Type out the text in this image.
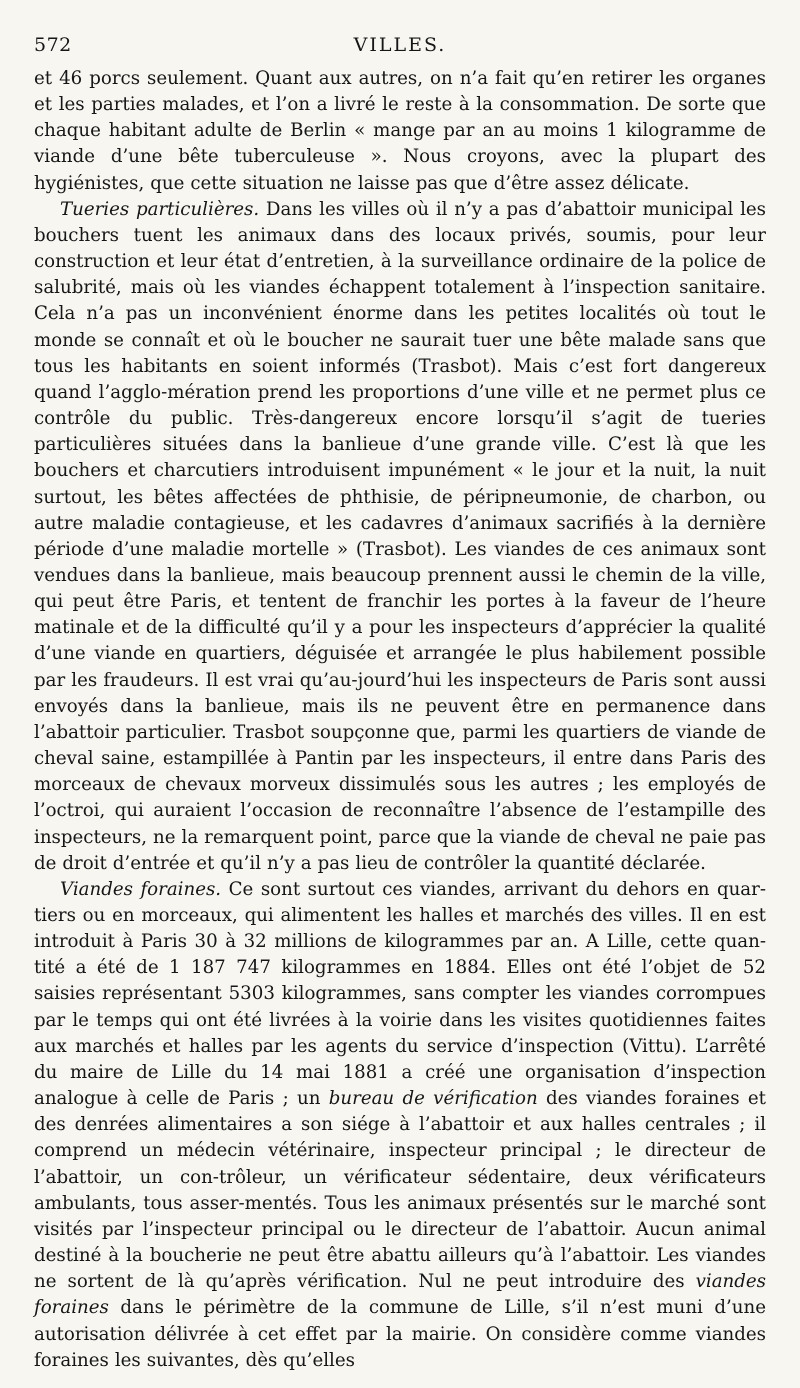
572	VILLES.

et 46 porcs seulement. Quant aux autres, on n’a fait qu’en retirer les organes et les parties malades, et l’on a livré le reste à la consommation. De sorte que chaque habitant adulte de Berlin « mange par an au moins 1 kilogramme de viande d’une bête tuberculeuse ». Nous croyons, avec la plupart des hygiénistes, que cette situation ne laisse pas que d’être assez délicate.

Tueries particulières. Dans les villes où il n’y a pas d’abattoir municipal les bouchers tuent les animaux dans des locaux privés, soumis, pour leur construction et leur état d’entretien, à la surveillance ordinaire de la police de salubrité, mais où les viandes échappent totalement à l’inspection sanitaire. Cela n’a pas un inconvénient énorme dans les petites localités où tout le monde se connaît et où le boucher ne saurait tuer une bête malade sans que tous les habitants en soient informés (Trasbot). Mais c’est fort dangereux quand l’agglo-mération prend les proportions d’une ville et ne permet plus ce contrôle du public. Très-dangereux encore lorsqu’il s’agit de tueries particulières situées dans la banlieue d’une grande ville. C’est là que les bouchers et charcutiers introduisent impunément « le jour et la nuit, la nuit surtout, les bêtes affectées de phthisie, de péripneumonie, de charbon, ou autre maladie contagieuse, et les cadavres d’animaux sacrifiés à la dernière période d’une maladie mortelle » (Trasbot). Les viandes de ces animaux sont vendues dans la banlieue, mais beaucoup prennent aussi le chemin de la ville, qui peut être Paris, et tentent de franchir les portes à la faveur de l’heure matinale et de la difficulté qu’il y a pour les inspecteurs d’apprécier la qualité d’une viande en quartiers, déguisée et arrangée le plus habilement possible par les fraudeurs. Il est vrai qu’au-jourd’hui les inspecteurs de Paris sont aussi envoyés dans la banlieue, mais ils ne peuvent être en permanence dans l’abattoir particulier. Trasbot soupçonne que, parmi les quartiers de viande de cheval saine, estampillée à Pantin par les inspecteurs, il entre dans Paris des morceaux de chevaux morveux dissimulés sous les autres ; les employés de l’octroi, qui auraient l’occasion de reconnaître l’absence de l’estampille des inspecteurs, ne la remarquent point, parce que la viande de cheval ne paie pas de droit d’entrée et qu’il n’y a pas lieu de contrôler la quantité déclarée.

Viandes foraines. Ce sont surtout ces viandes, arrivant du dehors en quar-tiers ou en morceaux, qui alimentent les halles et marchés des villes. Il en est introduit à Paris 30 à 32 millions de kilogrammes par an. A Lille, cette quan-tité a été de 1 187 747 kilogrammes en 1884. Elles ont été l’objet de 52 saisies représentant 5303 kilogrammes, sans compter les viandes corrompues par le temps qui ont été livrées à la voirie dans les visites quotidiennes faites aux marchés et halles par les agents du service d’inspection (Vittu). L’arrêté du maire de Lille du 14 mai 1881 a créé une organisation d’inspection analogue à celle de Paris ; un bureau de vérification des viandes foraines et des denrées alimentaires a son siége à l’abattoir et aux halles centrales ; il comprend un médecin vétérinaire, inspecteur principal ; le directeur de l’abattoir, un con-trôleur, un vérificateur sédentaire, deux vérificateurs ambulants, tous asser-mentés. Tous les animaux présentés sur le marché sont visités par l’inspecteur principal ou le directeur de l’abattoir. Aucun animal destiné à la boucherie ne peut être abattu ailleurs qu’à l’abattoir. Les viandes ne sortent de là qu’après vérification. Nul ne peut introduire des viandes foraines dans le périmètre de la commune de Lille, s’il n’est muni d’une autorisation délivrée à cet effet par la mairie. On considère comme viandes foraines les suivantes, dès qu’elles
